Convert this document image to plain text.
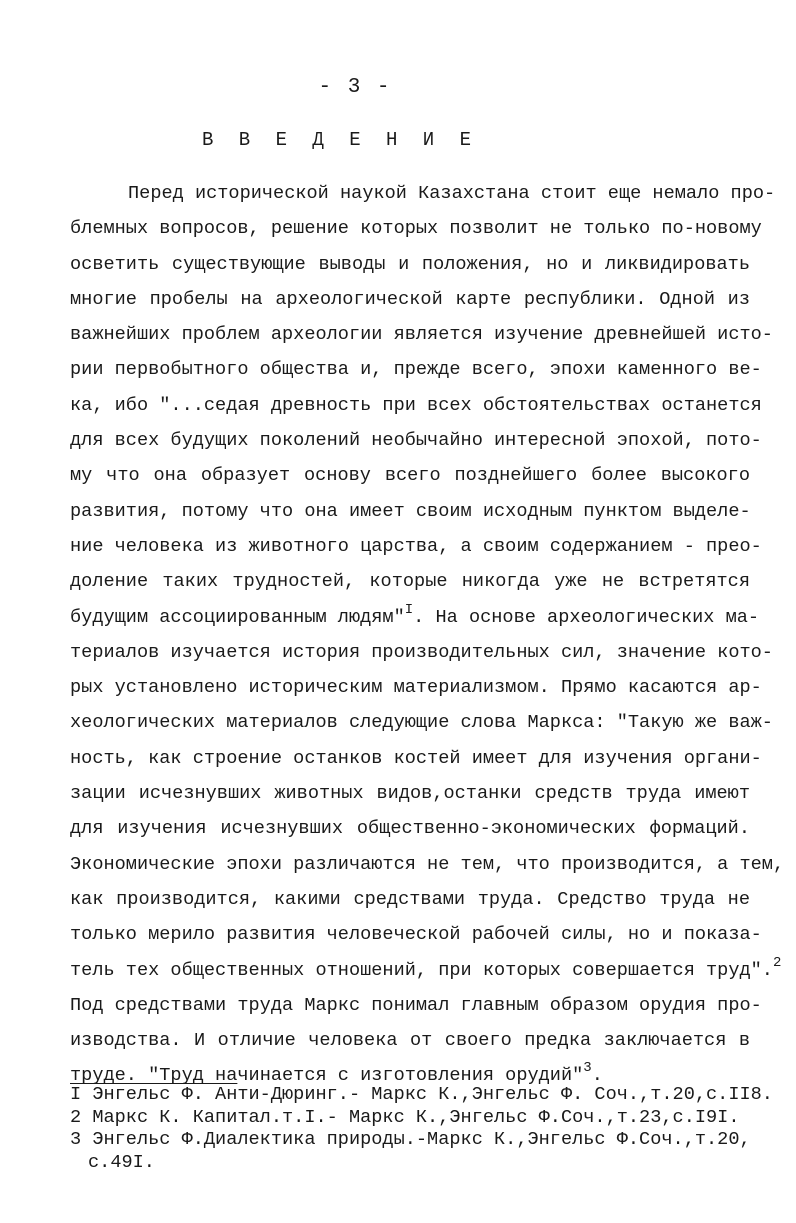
- 3 -
В В Е Д Е Н И Е
Перед исторической наукой Казахстана стоит еще немало про-
блемных вопросов, решение которых позволит не только по-новому
осветить существующие выводы и положения, но и ликвидировать
многие пробелы на археологической карте республики. Одной из
важнейших проблем археологии является изучение древнейшей исто-
рии первобытного общества и, прежде всего, эпохи каменного ве-
ка, ибо "...седая древность при всех обстоятельствах останется
для всех будущих поколений необычайно интересной эпохой, пото-
му что она образует основу всего позднейшего более высокого
развития, потому что она имеет своим исходным пунктом выделе-
ние человека из животного царства, а своим содержанием - прео-
доление таких трудностей, которые никогда уже не встретятся
будущим ассоциированным людям"$^I$. На основе археологических ма-
териалов изучается история производительных сил, значение кото-
рых установлено историческим материализмом. Прямо касаются ар-
хеологических материалов следующие слова Маркса: "Такую же важ-
ность, как строение останков костей имеет для изучения органи-
зации исчезнувших животных видов,останки средств труда имеют
для изучения исчезнувших общественно-экономических формаций.
Экономические эпохи различаются не тем, что производится, а тем,
как производится, какими средствами труда. Средство труда не
только мерило развития человеческой рабочей силы, но и показа-
тель тех общественных отношений, при которых совершается труд".$^2$
Под средствами труда Маркс понимал главным образом орудия про-
изводства. И отличие человека от своего предка заключается в
труде. "Труд начинается с изготовления орудий"$^3$.
I Энгельс Ф. Анти-Дюринг.- Маркс К.,Энгельс Ф. Соч.,т.20,с.II8.
2 Маркс К. Капитал.т.I.- Маркс К.,Энгельс Ф.Соч.,т.23,с.I9I.
3 Энгельс Ф.Диалектика природы.-Маркс К.,Энгельс Ф.Соч.,т.20,
с.49I.
